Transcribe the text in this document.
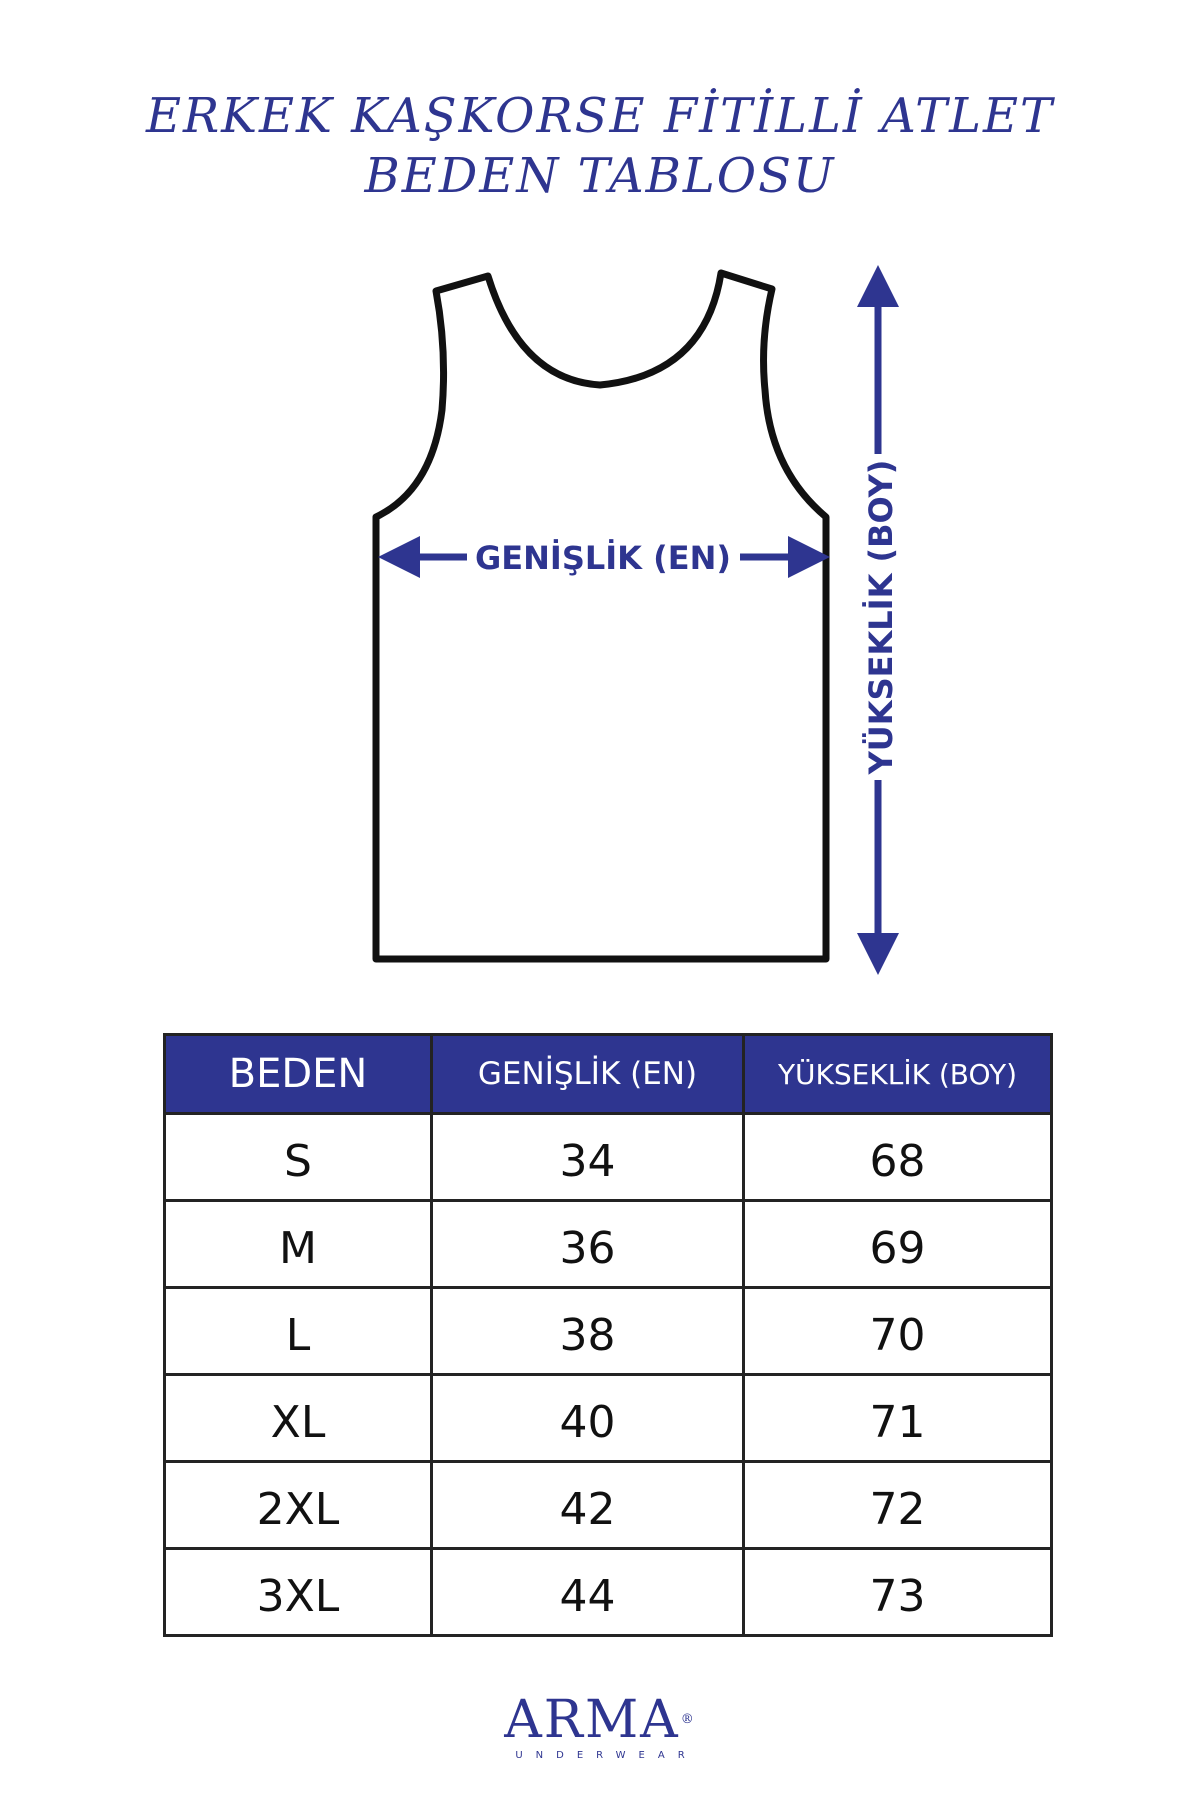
ERKEK KAŞKORSE FİTİLLİ ATLET
BEDEN TABLOSU
GENİŞLİK (EN)	YÜKSEKLİK (BOY)
BEDEN	GENİŞLİK (EN)	YÜKSEKLİK (BOY)
S	34	68
M	36	69
L	38	70
XL	40	71
2XL	42	72
3XL	44	73
ARMA®
UNDERWEAR
